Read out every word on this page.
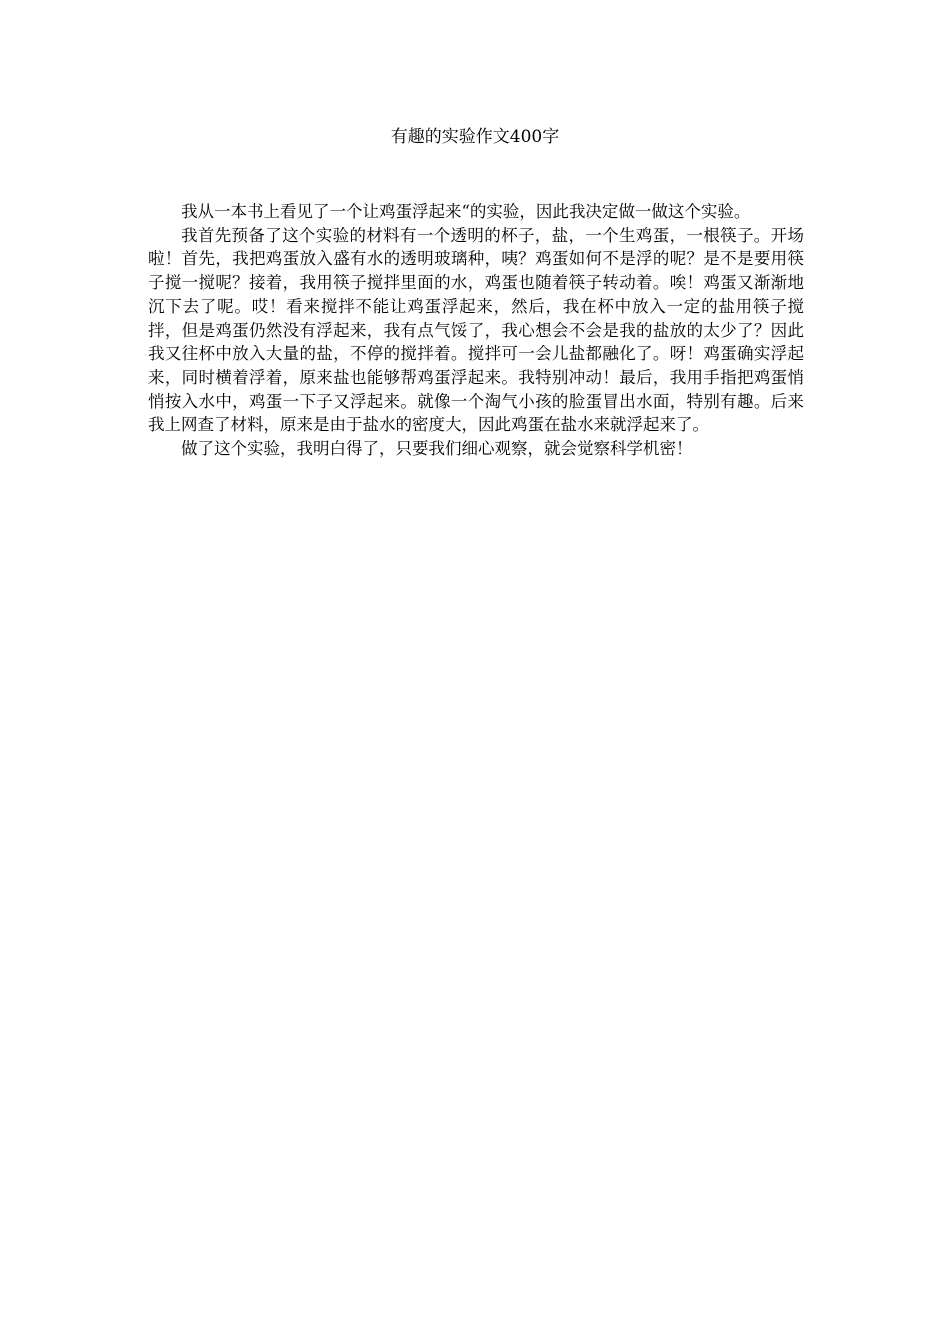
有趣的实验作文400字

我从一本书上看见了一个让鸡蛋浮起来“的实验，因此我决定做一做这个实验。

我首先预备了这个实验的材料有一个透明的杯子，盐，一个生鸡蛋，一根筷子。开场啦！首先，我把鸡蛋放入盛有水的透明玻璃种，咦？鸡蛋如何不是浮的呢？是不是要用筷子搅一搅呢？接着，我用筷子搅拌里面的水，鸡蛋也随着筷子转动着。唉！鸡蛋又渐渐地沉下去了呢。哎！看来搅拌不能让鸡蛋浮起来，然后，我在杯中放入一定的盐用筷子搅拌，但是鸡蛋仍然没有浮起来，我有点气馁了，我心想会不会是我的盐放的太少了？因此我又往杯中放入大量的盐，不停的搅拌着。搅拌可一会儿盐都融化了。呀！鸡蛋确实浮起来，同时横着浮着，原来盐也能够帮鸡蛋浮起来。我特别冲动！最后，我用手指把鸡蛋悄悄按入水中，鸡蛋一下子又浮起来。就像一个淘气小孩的脸蛋冒出水面，特别有趣。后来我上网查了材料，原来是由于盐水的密度大，因此鸡蛋在盐水来就浮起来了。

做了这个实验，我明白得了，只要我们细心观察，就会觉察科学机密！
